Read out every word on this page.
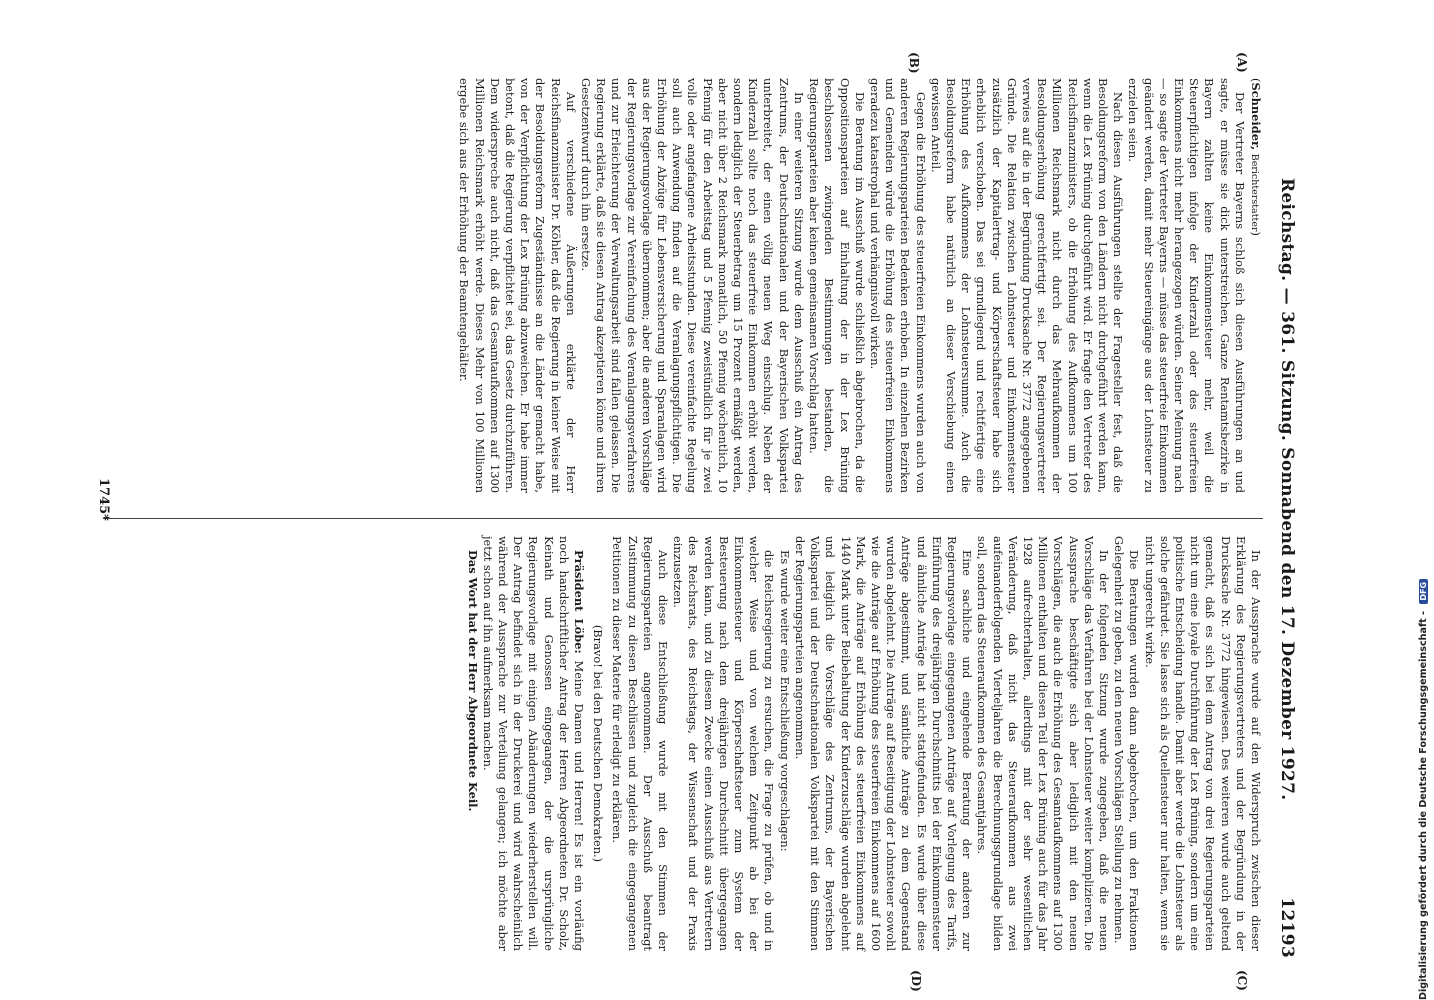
Reichstag. — 361. Sitzung. Sonnabend den 17. Dezember 1927.
12193
(A)
(B)
(C)
(D)

(Schneider, Berichterstatter)

Der Vertreter Bayerns schloß sich diesen Ausführungen an und sagte, er müsse sie dick unterstreichen. Ganze Rentamtsbezirke in Bayern zahlten keine Einkommensteuer mehr, weil die Steuerpflichtigen infolge der Kinderzahl oder des steuerfreien Einkommens nicht mehr herangezogen würden. Seiner Meinung nach — so sagte der Vertreter Bayerns — müsse das steuerfreie Einkommen geändert werden, damit mehr Steuereingänge aus der Lohnsteuer zu erzielen seien.

Nach diesen Ausführungen stellte der Fragesteller fest, daß die Besoldungsreform von den Ländern nicht durchgeführt werden kann, wenn die Lex Brüning durchgeführt wird. Er fragte den Vertreter des Reichsfinanzministers, ob die Erhöhung des Aufkommens um 100 Millionen Reichsmark nicht durch das Mehraufkommen der Besoldungserhöhung gerechtfertigt sei. Der Regierungsvertreter verwies auf die in der Begründung Drucksache Nr. 3772 angegebenen Gründe. Die Relation zwischen Lohnsteuer und Einkommensteuer zusätzlich der Kapitalertrag- und Körperschaftsteuer habe sich erheblich verschoben. Das sei grundlegend und rechtfertige eine Erhöhung des Aufkommens der Lohnsteuersumme. Auch die Besoldungsreform habe natürlich an dieser Verschiebung einen gewissen Anteil.

Gegen die Erhöhung des steuerfreien Einkommens wurden auch von anderen Regierungsparteien Bedenken erhoben. In einzelnen Bezirken und Gemeinden würde die Erhöhung des steuerfreien Einkommens geradezu katastrophal und verhängnisvoll wirken.

Die Beratung im Ausschuß wurde schließlich abgebrochen, da die Oppositionsparteien auf Einhaltung der in der Lex Brüning beschlossenen zwingenden Bestimmungen bestanden, die Regierungsparteien aber keinen gemeinsamen Vorschlag hatten.

In einer weiteren Sitzung wurde dem Ausschuß ein Antrag des Zentrums, der Deutschnationalen und der Bayerischen Volkspartei unterbreitet, der einen völlig neuen Weg einschlug. Neben der Kinderzahl sollte noch das steuerfreie Einkommen erhöht werden, sondern lediglich der Steuerbetrag um 15 Prozent ermäßigt werden, aber nicht über 2 Reichsmark monatlich, 50 Pfennig wöchentlich, 10 Pfennig für den Arbeitstag und 5 Pfennig zweistündlich für je zwei volle oder angefangene Arbeitsstunden. Diese vereinfachte Regelung soll auch Anwendung finden auf die Veranlagungspflichtigen. Die Erhöhung der Abzüge für Lebensversicherung und Sparanlagen wird aus der Regierungsvorlage übernommen; aber die anderen Vorschläge der Regierungsvorlage zur Vereinfachung des Veranlagungsverfahrens und zur Erleichterung der Verwaltungsarbeit sind fallen gelassen. Die Regierung erklärte, daß sie diesen Antrag akzeptieren könne und ihren Gesetzentwurf durch ihn ersetze.

Auf verschiedene Äußerungen erklärte der Herr Reichsfinanzminister Dr. Köhler, daß die Regierung in keiner Weise mit der Besoldungsreform Zugeständnisse an die Länder gemacht habe, von der Verpflichtung der Lex Brüning abzuweichen. Er habe immer betont, daß die Regierung verpflichtet sei, das Gesetz durchzuführen. Dem widerspreche auch nicht, daß das Gesamtaufkommen auf 1300 Millionen Reichsmark erhöht werde. Dieses Mehr von 100 Millionen ergebe sich aus der Erhöhung der Beamtengehälter.

In der Aussprache wurde auf den Widerspruch zwischen dieser Erklärung des Regierungsvertreters und der Begründung in der Drucksache Nr. 3772 hingewiesen. Des weiteren wurde auch geltend gemacht, daß es sich bei dem Antrag von drei Regierungsparteien nicht um eine loyale Durchführung der Lex Brüning, sondern um eine politische Entscheidung handle. Damit aber werde die Lohnsteuer als solche gefährdet. Sie lasse sich als Quellensteuer nur halten, wenn sie nicht ungerecht wirke.

Die Beratungen wurden dann abgebrochen, um den Fraktionen Gelegenheit zu geben, zu den neuen Vorschlägen Stellung zu nehmen.

In der folgenden Sitzung wurde zugegeben, daß die neuen Vorschläge das Verfahren bei der Lohnsteuer weiter komplizieren. Die Aussprache beschäftigte sich aber lediglich mit den neuen Vorschlägen, die auch die Erhöhung des Gesamtaufkommens auf 1300 Millionen enthalten und diesen Teil der Lex Brüning auch für das Jahr 1928 aufrechterhalten, allerdings mit der sehr wesentlichen Veränderung, daß nicht das Steueraufkommen aus zwei aufeinanderfolgenden Vierteljahren die Berechnungsgrundlage bilden soll, sondern das Steueraufkommen des Gesamtjahres.

Eine sachliche und eingehende Beratung der anderen zur Regierungsvorlage eingegangenen Anträge auf Vorlegung des Tarifs, Einführung des dreijährigen Durchschnitts bei der Einkommensteuer und ähnliche Anträge hat nicht stattgefunden. Es wurde über diese Anträge abgestimmt, und sämtliche Anträge zu dem Gegenstand wurden abgelehnt. Die Anträge auf Beseitigung der Lohnsteuer sowohl wie die Anträge auf Erhöhung des steuerfreien Einkommens auf 1600 Mark, die Anträge auf Erhöhung des steuerfreien Einkommens auf 1440 Mark unter Beibehaltung der Kinderzuschläge wurden abgelehnt und lediglich die Vorschläge des Zentrums, der Bayerischen Volkspartei und der Deutschnationalen Volkspartei mit den Stimmen der Regierungsparteien angenommen.

Es wurde weiter eine Entschließung vorgeschlagen:

die Reichsregierung zu ersuchen, die Frage zu prüfen, ob und in welcher Weise und von welchem Zeitpunkt ab bei der Einkommensteuer und Körperschaftsteuer zum System der Besteuerung nach dem dreijährigen Durchschnitt übergegangen werden kann, und zu diesem Zwecke einen Ausschuß aus Vertretern des Reichsrats, des Reichstags, der Wissenschaft und der Praxis einzusetzen.

Auch diese Entschließung wurde mit den Stimmen der Regierungsparteien angenommen. Der Ausschuß beantragt Zustimmung zu diesen Beschlüssen und zugleich die eingegangenen Petitionen zu dieser Materie für erledigt zu erklären.

(Bravo! bei den Deutschen Demokraten.)

Präsident Löbe: Meine Damen und Herren! Es ist ein vorläufig noch handschriftlicher Antrag der Herren Abgeordneten Dr. Scholz, Keinath und Genossen eingegangen, der die ursprüngliche Regierungsvorlage mit einigen Abänderungen wiederherstellen will. Der Antrag befindet sich in der Druckerei und wird wahrscheinlich während der Aussprache zur Verteilung gelangen; ich möchte aber jetzt schon auf ihn aufmerksam machen.

Das Wort hat der Herr Abgeordnete Keil.

1745*
Digitalisierung gefördert durch die Deutsche Forschungsgemeinschaft - DFG
